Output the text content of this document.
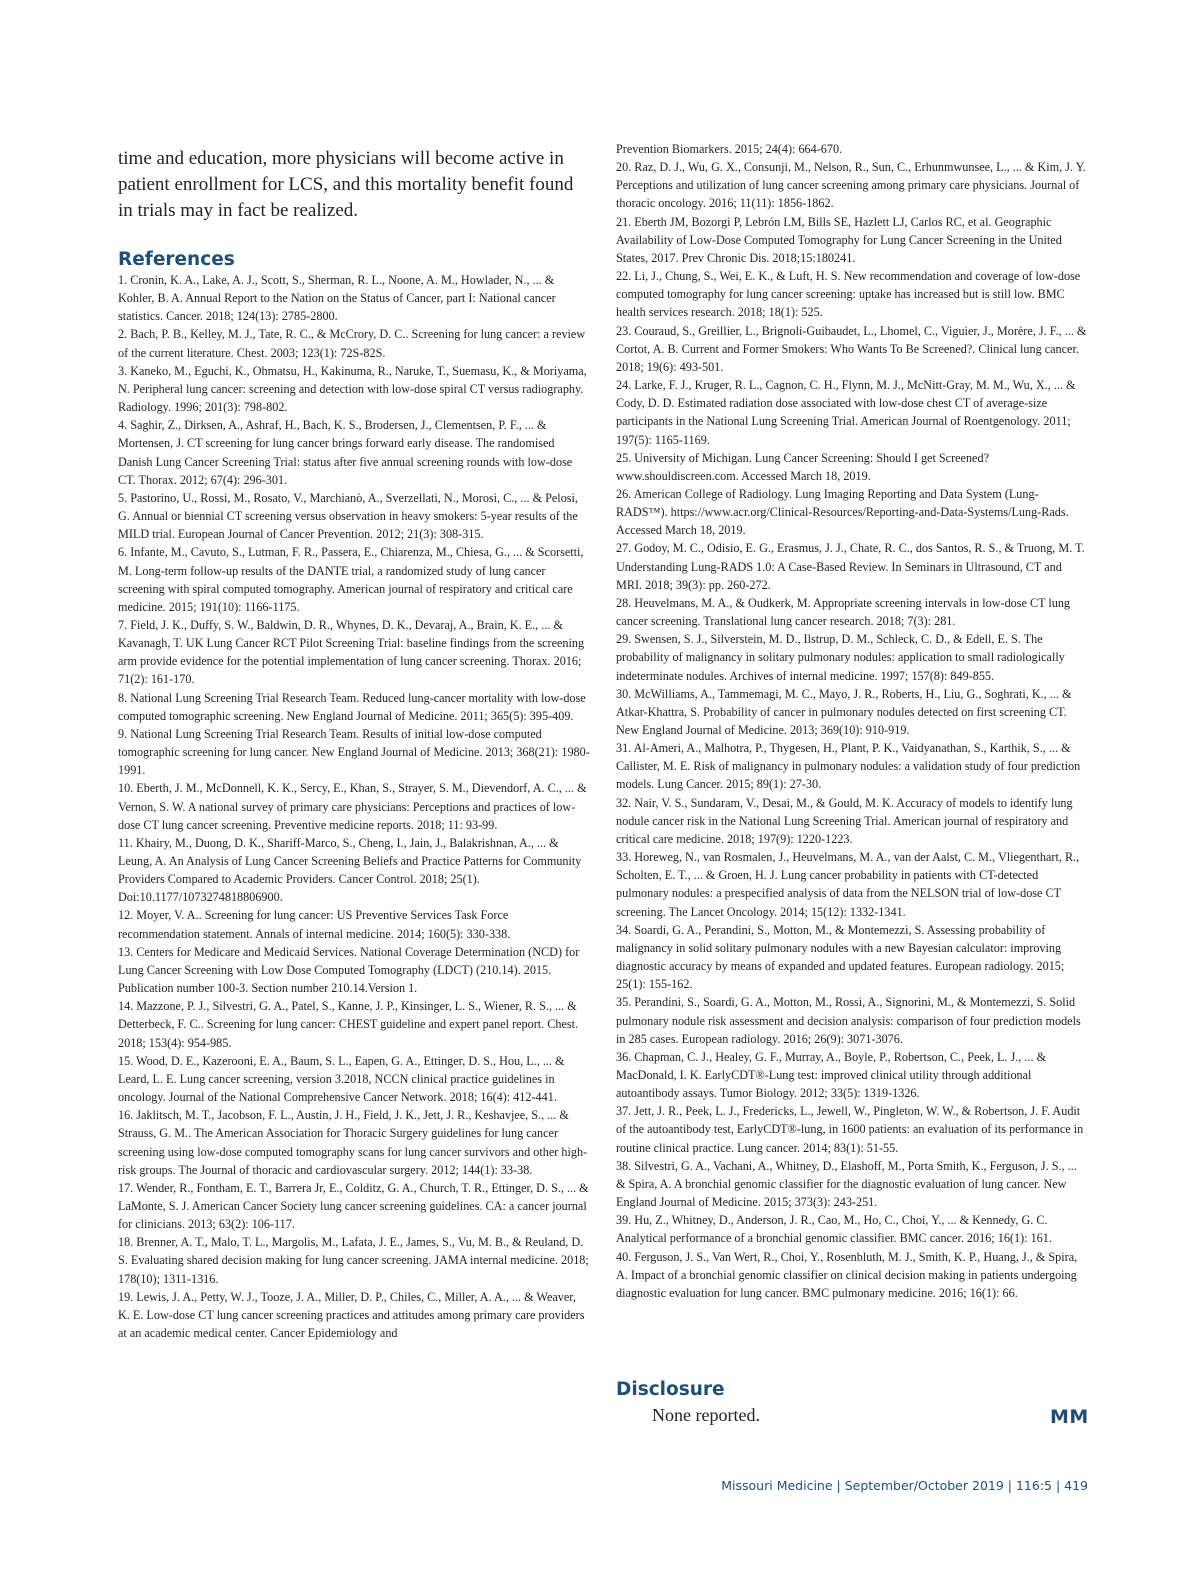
time and education, more physicians will become active in patient enrollment for LCS, and this mortality benefit found in trials may in fact be realized.

References

1. Cronin, K. A., Lake, A. J., Scott, S., Sherman, R. L., Noone, A. M., Howlader, N., ... & Kohler, B. A. Annual Report to the Nation on the Status of Cancer, part I: National cancer statistics. Cancer. 2018; 124(13): 2785-2800.

2. Bach, P. B., Kelley, M. J., Tate, R. C., & McCrory, D. C.. Screening for lung cancer: a review of the current literature. Chest. 2003; 123(1): 72S-82S.

3. Kaneko, M., Eguchi, K., Ohmatsu, H., Kakinuma, R., Naruke, T., Suemasu, K., & Moriyama, N. Peripheral lung cancer: screening and detection with low-dose spiral CT versus radiography. Radiology. 1996; 201(3): 798-802.

4. Saghir, Z., Dirksen, A., Ashraf, H., Bach, K. S., Brodersen, J., Clementsen, P. F., ... & Mortensen, J. CT screening for lung cancer brings forward early disease. The randomised Danish Lung Cancer Screening Trial: status after five annual screening rounds with low-dose CT. Thorax. 2012; 67(4): 296-301.

5. Pastorino, U., Rossi, M., Rosato, V., Marchianò, A., Sverzellati, N., Morosi, C., ... & Pelosi, G. Annual or biennial CT screening versus observation in heavy smokers: 5-year results of the MILD trial. European Journal of Cancer Prevention. 2012; 21(3): 308-315.

6. Infante, M., Cavuto, S., Lutman, F. R., Passera, E., Chiarenza, M., Chiesa, G., ... & Scorsetti, M. Long-term follow-up results of the DANTE trial, a randomized study of lung cancer screening with spiral computed tomography. American journal of respiratory and critical care medicine. 2015; 191(10): 1166-1175.

7. Field, J. K., Duffy, S. W., Baldwin, D. R., Whynes, D. K., Devaraj, A., Brain, K. E., ... & Kavanagh, T. UK Lung Cancer RCT Pilot Screening Trial: baseline findings from the screening arm provide evidence for the potential implementation of lung cancer screening. Thorax. 2016; 71(2): 161-170.

8. National Lung Screening Trial Research Team. Reduced lung-cancer mortality with low-dose computed tomographic screening. New England Journal of Medicine. 2011; 365(5): 395-409.

9. National Lung Screening Trial Research Team. Results of initial low-dose computed tomographic screening for lung cancer. New England Journal of Medicine. 2013; 368(21): 1980-1991.

10. Eberth, J. M., McDonnell, K. K., Sercy, E., Khan, S., Strayer, S. M., Dievendorf, A. C., ... & Vernon, S. W. A national survey of primary care physicians: Perceptions and practices of low-dose CT lung cancer screening. Preventive medicine reports. 2018; 11: 93-99.

11. Khairy, M., Duong, D. K., Shariff-Marco, S., Cheng, I., Jain, J., Balakrishnan, A., ... & Leung, A. An Analysis of Lung Cancer Screening Beliefs and Practice Patterns for Community Providers Compared to Academic Providers. Cancer Control. 2018; 25(1). Doi:10.1177/1073274818806900.

12. Moyer, V. A.. Screening for lung cancer: US Preventive Services Task Force recommendation statement. Annals of internal medicine. 2014; 160(5): 330-338.

13. Centers for Medicare and Medicaid Services. National Coverage Determination (NCD) for Lung Cancer Screening with Low Dose Computed Tomography (LDCT) (210.14). 2015. Publication number 100-3. Section number 210.14.Version 1.

14. Mazzone, P. J., Silvestri, G. A., Patel, S., Kanne, J. P., Kinsinger, L. S., Wiener, R. S., ... & Detterbeck, F. C.. Screening for lung cancer: CHEST guideline and expert panel report. Chest. 2018; 153(4): 954-985.

15. Wood, D. E., Kazerooni, E. A., Baum, S. L., Eapen, G. A., Ettinger, D. S., Hou, L., ... & Leard, L. E. Lung cancer screening, version 3.2018, NCCN clinical practice guidelines in oncology. Journal of the National Comprehensive Cancer Network. 2018; 16(4): 412-441.

16. Jaklitsch, M. T., Jacobson, F. L., Austin, J. H., Field, J. K., Jett, J. R., Keshavjee, S., ... & Strauss, G. M.. The American Association for Thoracic Surgery guidelines for lung cancer screening using low-dose computed tomography scans for lung cancer survivors and other high-risk groups. The Journal of thoracic and cardiovascular surgery. 2012; 144(1): 33-38.

17. Wender, R., Fontham, E. T., Barrera Jr, E., Colditz, G. A., Church, T. R., Ettinger, D. S., ... & LaMonte, S. J. American Cancer Society lung cancer screening guidelines. CA: a cancer journal for clinicians. 2013; 63(2): 106-117.

18. Brenner, A. T., Malo, T. L., Margolis, M., Lafata, J. E., James, S., Vu, M. B., & Reuland, D. S. Evaluating shared decision making for lung cancer screening. JAMA internal medicine. 2018; 178(10); 1311-1316.

19. Lewis, J. A., Petty, W. J., Tooze, J. A., Miller, D. P., Chiles, C., Miller, A. A., ... & Weaver, K. E. Low-dose CT lung cancer screening practices and attitudes among primary care providers at an academic medical center. Cancer Epidemiology and

Prevention Biomarkers. 2015; 24(4): 664-670.

20. Raz, D. J., Wu, G. X., Consunji, M., Nelson, R., Sun, C., Erhunmwunsee, L., ... & Kim, J. Y. Perceptions and utilization of lung cancer screening among primary care physicians. Journal of thoracic oncology. 2016; 11(11): 1856-1862.

21. Eberth JM, Bozorgi P, Lebrón LM, Bills SE, Hazlett LJ, Carlos RC, et al. Geographic Availability of Low-Dose Computed Tomography for Lung Cancer Screening in the United States, 2017. Prev Chronic Dis. 2018;15:180241.

22. Li, J., Chung, S., Wei, E. K., & Luft, H. S. New recommendation and coverage of low-dose computed tomography for lung cancer screening: uptake has increased but is still low. BMC health services research. 2018; 18(1): 525.

23. Couraud, S., Greillier, L., Brignoli-Guibaudet, L., Lhomel, C., Viguier, J., Morère, J. F., ... & Cortot, A. B. Current and Former Smokers: Who Wants To Be Screened?. Clinical lung cancer. 2018; 19(6): 493-501.

24. Larke, F. J., Kruger, R. L., Cagnon, C. H., Flynn, M. J., McNitt-Gray, M. M., Wu, X., ... & Cody, D. D. Estimated radiation dose associated with low-dose chest CT of average-size participants in the National Lung Screening Trial. American Journal of Roentgenology. 2011; 197(5): 1165-1169.

25. University of Michigan. Lung Cancer Screening: Should I get Screened? www.shouldiscreen.com. Accessed March 18, 2019.

26. American College of Radiology. Lung Imaging Reporting and Data System (Lung-RADS™). https://www.acr.org/Clinical-Resources/Reporting-and-Data-Systems/Lung-Rads. Accessed March 18, 2019.

27. Godoy, M. C., Odisio, E. G., Erasmus, J. J., Chate, R. C., dos Santos, R. S., & Truong, M. T. Understanding Lung-RADS 1.0: A Case-Based Review. In Seminars in Ultrasound, CT and MRI. 2018; 39(3): pp. 260-272.

28. Heuvelmans, M. A., & Oudkerk, M. Appropriate screening intervals in low-dose CT lung cancer screening. Translational lung cancer research. 2018; 7(3): 281.

29. Swensen, S. J., Silverstein, M. D., Ilstrup, D. M., Schleck, C. D., & Edell, E. S. The probability of malignancy in solitary pulmonary nodules: application to small radiologically indeterminate nodules. Archives of internal medicine. 1997; 157(8): 849-855.

30. McWilliams, A., Tammemagi, M. C., Mayo, J. R., Roberts, H., Liu, G., Soghrati, K., ... & Atkar-Khattra, S. Probability of cancer in pulmonary nodules detected on first screening CT. New England Journal of Medicine. 2013; 369(10): 910-919.

31. Al-Ameri, A., Malhotra, P., Thygesen, H., Plant, P. K., Vaidyanathan, S., Karthik, S., ... & Callister, M. E. Risk of malignancy in pulmonary nodules: a validation study of four prediction models. Lung Cancer. 2015; 89(1): 27-30.

32. Nair, V. S., Sundaram, V., Desai, M., & Gould, M. K. Accuracy of models to identify lung nodule cancer risk in the National Lung Screening Trial. American journal of respiratory and critical care medicine. 2018; 197(9): 1220-1223.

33. Horeweg, N., van Rosmalen, J., Heuvelmans, M. A., van der Aalst, C. M., Vliegenthart, R., Scholten, E. T., ... & Groen, H. J. Lung cancer probability in patients with CT-detected pulmonary nodules: a prespecified analysis of data from the NELSON trial of low-dose CT screening. The Lancet Oncology. 2014; 15(12): 1332-1341.

34. Soardi, G. A., Perandini, S., Motton, M., & Montemezzi, S. Assessing probability of malignancy in solid solitary pulmonary nodules with a new Bayesian calculator: improving diagnostic accuracy by means of expanded and updated features. European radiology. 2015; 25(1): 155-162.

35. Perandini, S., Soardi, G. A., Motton, M., Rossi, A., Signorini, M., & Montemezzi, S. Solid pulmonary nodule risk assessment and decision analysis: comparison of four prediction models in 285 cases. European radiology. 2016; 26(9): 3071-3076.

36. Chapman, C. J., Healey, G. F., Murray, A., Boyle, P., Robertson, C., Peek, L. J., ... & MacDonald, I. K. EarlyCDT®-Lung test: improved clinical utility through additional autoantibody assays. Tumor Biology. 2012; 33(5): 1319-1326.

37. Jett, J. R., Peek, L. J., Fredericks, L., Jewell, W., Pingleton, W. W., & Robertson, J. F. Audit of the autoantibody test, EarlyCDT®-lung, in 1600 patients: an evaluation of its performance in routine clinical practice. Lung cancer. 2014; 83(1): 51-55.

38. Silvestri, G. A., Vachani, A., Whitney, D., Elashoff, M., Porta Smith, K., Ferguson, J. S., ... & Spira, A. A bronchial genomic classifier for the diagnostic evaluation of lung cancer. New England Journal of Medicine. 2015; 373(3): 243-251.

39. Hu, Z., Whitney, D., Anderson, J. R., Cao, M., Ho, C., Choi, Y., ... & Kennedy, G. C. Analytical performance of a bronchial genomic classifier. BMC cancer. 2016; 16(1): 161.

40. Ferguson, J. S., Van Wert, R., Choi, Y., Rosenbluth, M. J., Smith, K. P., Huang, J., & Spira, A. Impact of a bronchial genomic classifier on clinical decision making in patients undergoing diagnostic evaluation for lung cancer. BMC pulmonary medicine. 2016; 16(1): 66.

Disclosure

None reported.	MM
Missouri Medicine | September/October 2019 | 116:5 | 419
